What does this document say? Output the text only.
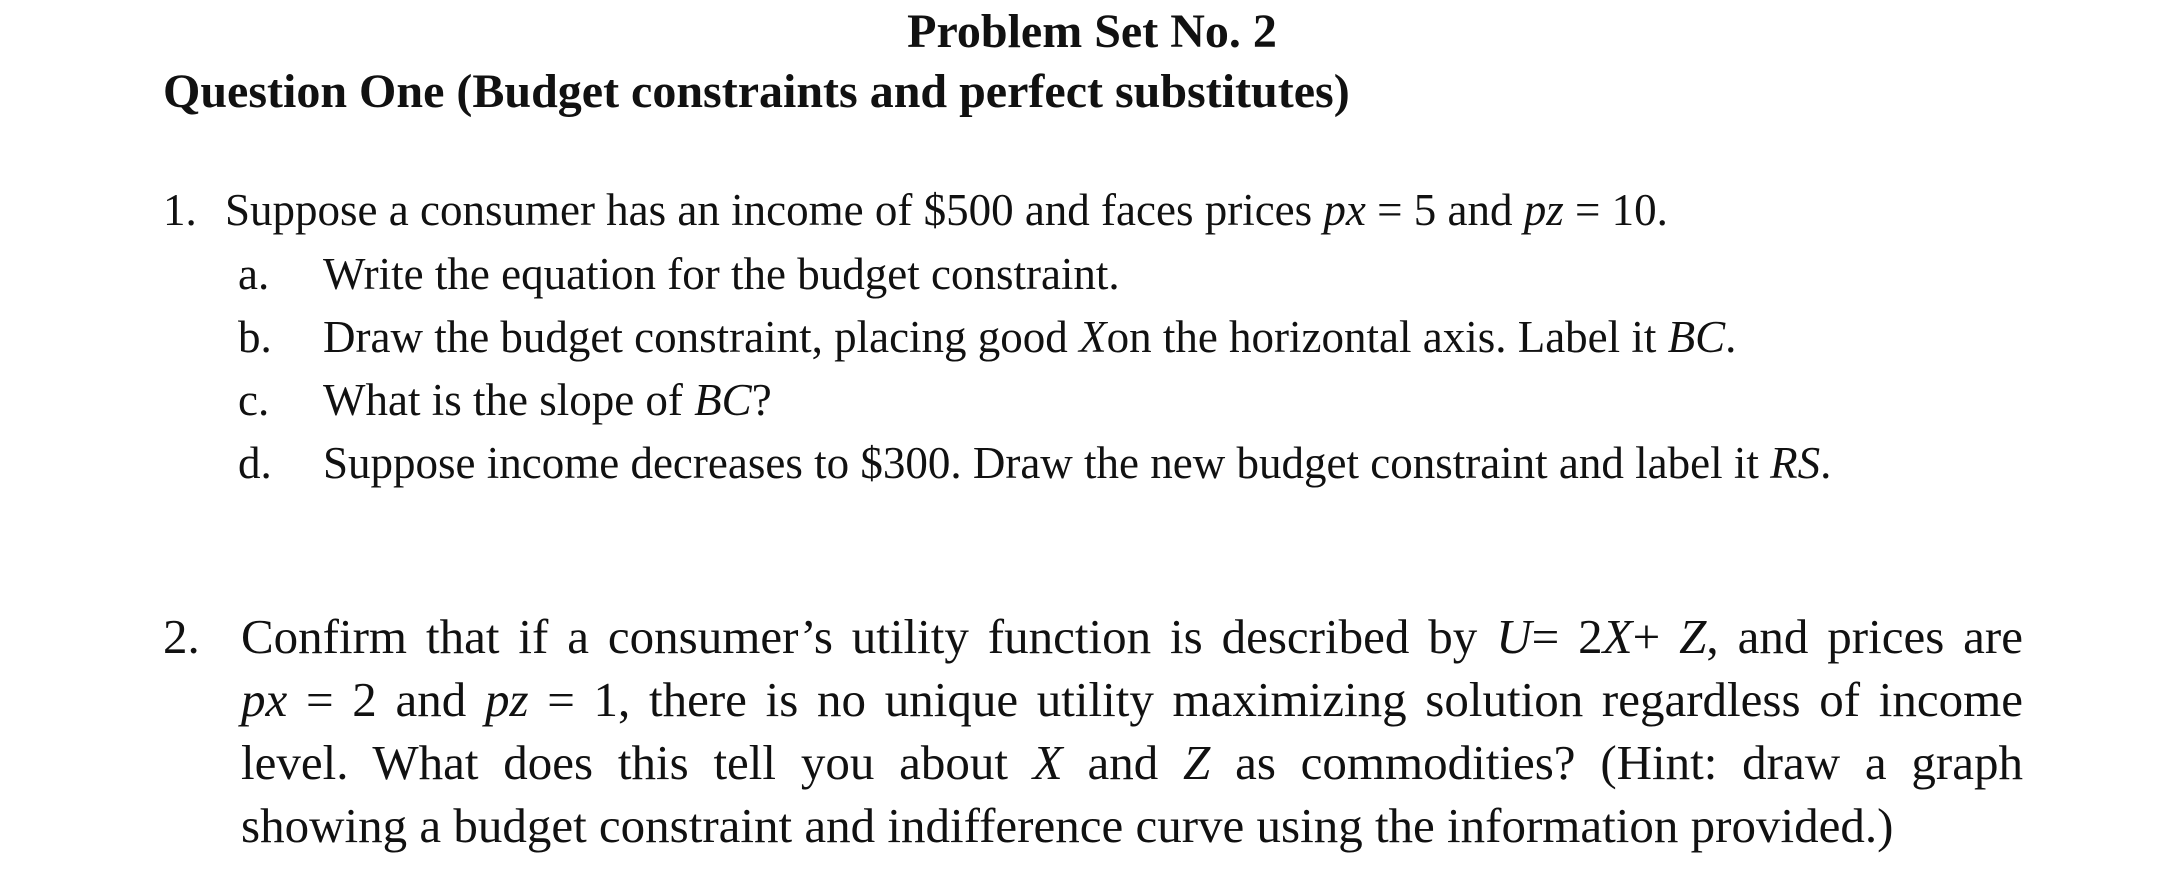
Problem Set No. 2
Question One (Budget constraints and perfect substitutes)
1. Suppose a consumer has an income of $500 and faces prices px = 5 and pz = 10.
a. Write the equation for the budget constraint.
b. Draw the budget constraint, placing good Xon the horizontal axis. Label it BC.
c. What is the slope of BC?
d. Suppose income decreases to $300. Draw the new budget constraint and label it RS.
2. Confirm that if a consumer’s utility function is described by U= 2X+ Z, and prices are
px = 2 and pz = 1, there is no unique utility maximizing solution regardless of income
level. What does this tell you about X and Z as commodities? (Hint: draw a graph
showing a budget constraint and indifference curve using the information provided.)
